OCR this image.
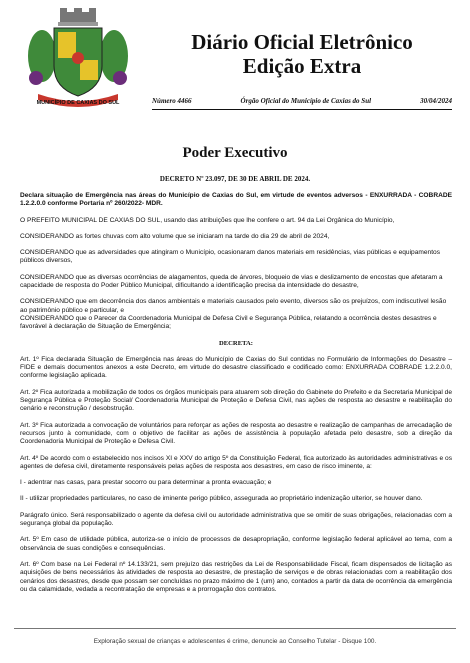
MUNICÍPIO DE CAXIAS DO SUL
Diário Oficial Eletrônico
Edição Extra
Número 4466	Órgão Oficial do Município de Caxias do Sul	30/04/2024
Poder Executivo
DECRETO Nº 23.097, DE 30 DE ABRIL DE 2024.

Declara situação de Emergência nas áreas do Município de Caxias do Sul, em virtude de eventos adversos - ENXURRADA - COBRADE 1.2.2.0.0 conforme Portaria nº 260/2022- MDR.

O PREFEITO MUNICIPAL DE CAXIAS DO SUL, usando das atribuições que lhe confere o art. 94 da Lei Orgânica do Município,

CONSIDERANDO as fortes chuvas com alto volume que se iniciaram na tarde do dia 29 de abril de 2024,

CONSIDERANDO que as adversidades que atingiram o Município, ocasionaram danos materiais em residências, vias públicas e equipamentos públicos diversos,

CONSIDERANDO que as diversas ocorrências de alagamentos, queda de árvores, bloqueio de vias e deslizamento de encostas que afetaram a capacidade de resposta do Poder Público Municipal, dificultando a identificação precisa da intensidade do desastre,

CONSIDERANDO que em decorrência dos danos ambientais e materiais causados pelo evento, diversos são os prejuízos, com indiscutível lesão ao patrimônio público e particular, e

CONSIDERANDO que o Parecer da Coordenadoria Municipal de Defesa Civil e Segurança Pública, relatando a ocorrência destes desastres e favorável à declaração de Situação de Emergência;

DECRETA:

Art. 1º Fica declarada Situação de Emergência nas áreas do Município de Caxias do Sul contidas no Formulário de Informações do Desastre – FIDE e demais documentos anexos a este Decreto, em virtude do desastre classificado e codificado como: ENXURRADA COBRADE 1.2.2.0.0, conforme legislação aplicada.

Art. 2º Fica autorizada a mobilização de todos os órgãos municipais para atuarem sob direção do Gabinete do Prefeito e da Secretaria Municipal de Segurança Pública e Proteção Social/ Coordenadoria Municipal de Proteção e Defesa Civil, nas ações de resposta ao desastre e reabilitação do cenário e reconstrução / desobstrução.

Art. 3º Fica autorizada a convocação de voluntários para reforçar as ações de resposta ao desastre e realização de campanhas de arrecadação de recursos junto à comunidade, com o objetivo de facilitar as ações de assistência à população afetada pelo desastre, sob a direção da Coordenadoria Municipal de Proteção e Defesa Civil.

Art. 4º De acordo com o estabelecido nos incisos XI e XXV do artigo 5º da Constituição Federal, fica autorizado às autoridades administrativas e os agentes de defesa civil, diretamente responsáveis pelas ações de resposta aos desastres, em caso de risco iminente, a:

I - adentrar nas casas, para prestar socorro ou para determinar a pronta evacuação; e

II - utilizar propriedades particulares, no caso de iminente perigo público, assegurada ao proprietário indenização ulterior, se houver dano.

Parágrafo único. Será responsabilizado o agente da defesa civil ou autoridade administrativa que se omitir de suas obrigações, relacionadas com a segurança global da população.

Art. 5º Em caso de utilidade pública, autoriza-se o início de processos de desapropriação, conforme legislação federal aplicável ao tema, com a observância de suas condições e consequências.

Art. 6º Com base na Lei Federal nº 14.133/21, sem prejuízo das restrições da Lei de Responsabilidade Fiscal, ficam dispensados de licitação as aquisições de bens necessários às atividades de resposta ao desastre, de prestação de serviços e de obras relacionadas com a reabilitação dos cenários dos desastres, desde que possam ser concluídas no prazo máximo de 1 (um) ano, contados a partir da data de ocorrência da emergência ou da calamidade, vedada a recontratação de empresas e a prorrogação dos contratos.

Exploração sexual de crianças e adolescentes é crime, denuncie ao Conselho Tutelar - Disque 100.
